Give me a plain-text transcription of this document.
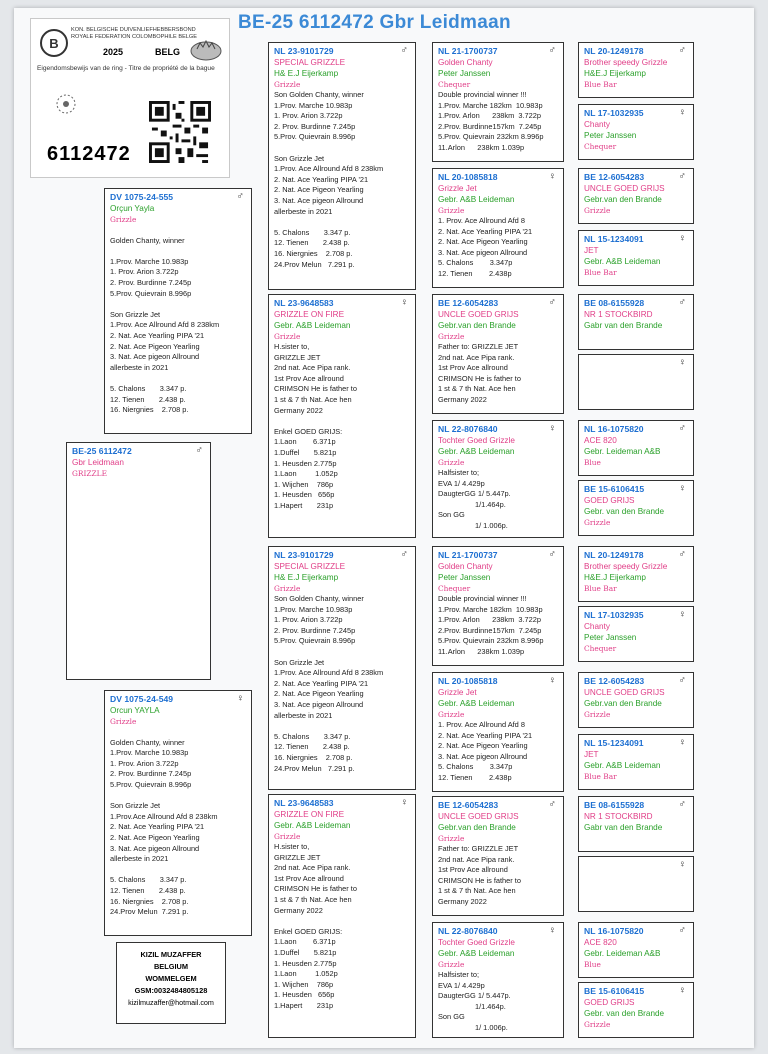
BE-25 6112472 Gbr Leidmaan
B
KON. BELGISCHE DUIVENLIEFHEBBERSBOND
ROYALE FEDERATION COLOMBOPHILE BELGE
2025	BELG
Eigendomsbewijs van de ring - Titre de propriété de la bague
6112472
BE-25 6112472	♂
Gbr Leidmaan
GRIZZLE
DV 1075-24-555	♂
Orçun Yayla
Grizzle

Golden Chanty, winner

1.Prov. Marche 10.983p
1. Prov. Arion 3.722p
2. Prov. Burdinne 7.245p
5.Prov. Quievrain 8.996p

Son Grizzle Jet
1.Prov. Ace Allround Afd 8 238km
2. Nat. Ace Yearling PIPA '21
2. Nat. Ace Pigeon Yearling
3. Nat. Ace pigeon Allround
allerbeste in 2021

5. Chalons       3.347 p.
12. Tienen       2.438 p.
16. Niergnies    2.708 p.
DV 1075-24-549	♀
Orcun YAYLA
Grizzle

Golden Chanty, winner
1.Prov. Marche 10.983p
1. Prov. Arion 3.722p
2. Prov. Burdinne 7.245p
5.Prov. Quievrain 8.996p

Son Grizzle Jet
1.Prov.Ace Allround Afd 8 238km
2. Nat. Ace Yearling PIPA '21
2. Nat. Ace Pigeon Yearling
3. Nat. Ace pigeon Allround
allerbeste in 2021

5. Chalons       3.347 p.
12. Tienen       2.438 p.
16. Niergnies    2.708 p.
24.Prov Melun  7.291 p.
NL 23-9101729	♂
SPECIAL GRIZZLE
H& E.J Eijerkamp
Grizzle
Son Golden Chanty, winner
1.Prov. Marche 10.983p
1. Prov. Arion 3.722p
2. Prov. Burdinne 7.245p
5.Prov. Quievrain 8.996p

Son Grizzle Jet
1.Prov. Ace Allround Afd 8 238km
2. Nat. Ace Yearling PIPA '21
2. Nat. Ace Pigeon Yearling
3. Nat. Ace pigeon Allround
allerbeste in 2021

5. Chalons       3.347 p.
12. Tienen       2.438 p.
16. Niergnies    2.708 p.
24.Prov Melun   7.291 p.
NL 23-9648583	♀
GRIZZLE ON FIRE
Gebr. A&B Leideman
Grizzle
H.sister to,
GRIZZLE JET
2nd nat. Ace Pipa rank.
1st Prov Ace allround
CRIMSON He is father to
1 st & 7 th Nat. Ace hen
Germany 2022

Enkel GOED GRIJS:
1.Laon        6.371p
1.Duffel       5.821p
1. Heusden 2.775p
1.Laon         1.052p
1. Wijchen    786p
1. Heusden   656p
1.Hapert       231p
NL 23-9101729	♂
SPECIAL GRIZZLE
H& E.J Eijerkamp
Grizzle
Son Golden Chanty, winner
1.Prov. Marche 10.983p
1. Prov. Arion 3.722p
2. Prov. Burdinne 7.245p
5.Prov. Quievrain 8.996p

Son Grizzle Jet
1.Prov. Ace Allround Afd 8 238km
2. Nat. Ace Yearling PIPA '21
2. Nat. Ace Pigeon Yearling
3. Nat. Ace pigeon Allround
allerbeste in 2021

5. Chalons       3.347 p.
12. Tienen       2.438 p.
16. Niergnies    2.708 p.
24.Prov Melun   7.291 p.
NL 23-9648583	♀
GRIZZLE ON FIRE
Gebr. A&B Leideman
Grizzle
H.sister to,
GRIZZLE JET
2nd nat. Ace Pipa rank.
1st Prov Ace allround
CRIMSON He is father to
1 st & 7 th Nat. Ace hen
Germany 2022

Enkel GOED GRIJS:
1.Laon        6.371p
1.Duffel       5.821p
1. Heusden 2.775p
1.Laon         1.052p
1. Wijchen    786p
1. Heusden   656p
1.Hapert       231p
NL 21-1700737	♂
Golden Chanty
Peter Janssen
Chequer
Double provincial winner !!!
1.Prov. Marche 182km  10.983p
1.Prov. Arlon      238km  3.722p
2.Prov. Burdinne157km  7.245p
5.Prov. Quievrain 232km 8.996p
11.Arlon      238km 1.039p
NL 20-1085818	♀
Grizzle Jet
Gebr. A&B Leideman
Grizzle
1. Prov. Ace Allround Afd 8
2. Nat. Ace Yearling PIPA '21
2. Nat. Ace Pigeon Yearling
3. Nat. Ace pigeon Allround
5. Chalons        3.347p
12. Tienen        2.438p
BE 12-6054283	♂
UNCLE GOED GRIJS
Gebr.van den Brande
Grizzle
Father to: GRIZZLE JET
2nd nat. Ace Pipa rank.
1st Prov Ace allround
CRIMSON He is father to
1 st & 7 th Nat. Ace hen
Germany 2022
NL 22-8076840	♀
Tochter Goed Grizzle
Gebr. A&B Leideman
Grizzle
Halfsister to;
EVA 1/ 4.429p
DaugterGG 1/ 5.447p.
1/1.464p.
Son GG
1/ 1.006p.
NL 21-1700737	♂
Golden Chanty
Peter Janssen
Chequer
Double provincial winner !!!
1.Prov. Marche 182km  10.983p
1.Prov. Arlon      238km  3.722p
2.Prov. Burdinne157km  7.245p
5.Prov. Quievrain 232km 8.996p
11.Arlon      238km 1.039p
NL 20-1085818	♀
Grizzle Jet
Gebr. A&B Leideman
Grizzle
1. Prov. Ace Allround Afd 8
2. Nat. Ace Yearling PIPA '21
2. Nat. Ace Pigeon Yearling
3. Nat. Ace pigeon Allround
5. Chalons        3.347p
12. Tienen        2.438p
BE 12-6054283	♂
UNCLE GOED GRIJS
Gebr.van den Brande
Grizzle
Father to: GRIZZLE JET
2nd nat. Ace Pipa rank.
1st Prov Ace allround
CRIMSON He is father to
1 st & 7 th Nat. Ace hen
Germany 2022
NL 22-8076840	♀
Tochter Goed Grizzle
Gebr. A&B Leideman
Grizzle
Halfsister to;
EVA 1/ 4.429p
DaugterGG 1/ 5.447p.
1/1.464p.
Son GG
1/ 1.006p.
NL 20-1249178	♂
Brother speedy Grizzle
H&E.J Eijerkamp
Blue Bar
NL 17-1032935	♀
Chanty
Peter Janssen
Chequer
BE 12-6054283	♂
UNCLE GOED GRIJS
Gebr.van den Brande
Grizzle
NL 15-1234091	♀
JET
Gebr. A&B Leideman
Blue Bar
BE 08-6155928	♂
NR 1 STOCKBIRD
Gabr van den Brande
♀
NL 16-1075820	♂
ACE 820
Gebr. Leideman A&B
Blue
BE 15-6106415	♀
GOED GRIJS
Gebr. van den Brande
Grizzle
NL 20-1249178	♂
Brother speedy Grizzle
H&E.J Eijerkamp
Blue Bar
NL 17-1032935	♀
Chanty
Peter Janssen
Chequer
BE 12-6054283	♂
UNCLE GOED GRIJS
Gebr.van den Brande
Grizzle
NL 15-1234091	♀
JET
Gebr. A&B Leideman
Blue Bar
BE 08-6155928	♂
NR 1 STOCKBIRD
Gabr van den Brande
♀
NL 16-1075820	♂
ACE 820
Gebr. Leideman A&B
Blue
BE 15-6106415	♀
GOED GRIJS
Gebr. van den Brande
Grizzle
KIZIL MUZAFFER
BELGIUM
WOMMELGEM
GSM:0032484805128
kizilmuzaffer@hotmail.com
